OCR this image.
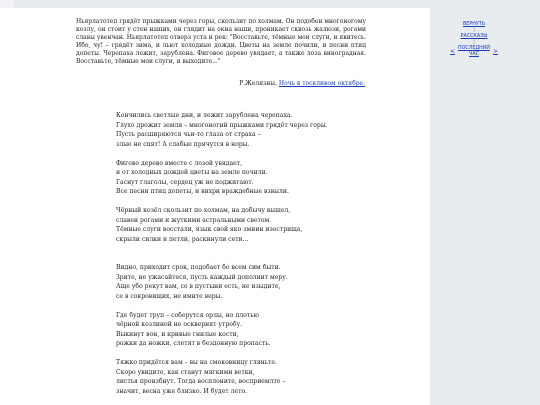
Ньярлатотеп грядёт прыжками через горы, скользит по холмам. Он подобен многоногому козлу, он стоит у стен наших, он глядит на окна наши, проникает сквозь жалюзи, рогами славы увенчан. Ньярлатотеп отверз уста и рек: "Восставьте, тёмные мои слуги, и явитесь. Ибо, чу! – грядёт зима, и льют холодные дожди. Цветы на земле почили, и песни птиц допеты. Черепаха лежит, зарублена. Фиговое дерево увядает, а также лоза виноградная. Восставьте, тёмные мои слуги, и выходите..."
Р.Желязны. Ночь в тоскливом октябре.
Кончились светлые дни, и лежит зарублена черепаха.
Глухо дрожит земля – многоногий прыжками грядёт через горы.
Пусть расширяются чьи-то глаза от страха –
злые не спят! А слабые прячутся в норы.
Фигово дерево вместе с лозой увядает,
и от холодных дождей цветы на земле почили.
Гаснут глаголы, сердец уж не поджигают.
Все песни птиц допеты, и вихри враждебные взвыли.
Чёрный козёл скользит по холмам, на добычу вышел,
славен рогами и жуткими астральными светом.
Тёмные слуги восстали, язык свой яко змиин изострища,
скрыли силки и петли, раскинули сети...
Видно, приходит срок, подобает бо всем сим быти.
Зрите, не ужасайтеся, пусть каждый дополнит меру.
Аще убо рекут вам, се в пустыни есть, не изыдите,
се в сокровищих, не имите веры.
Где будет труп – соберутся орлы, но плотью
чёрной козлиной не осквернят утробу.
Выкинут вон, и кривые гнилые кости,
рожки да ножки, слетят в бездонную пропасть.
Тяжко придётся вам – вы на смоковницу гляньте.
Скоро увидите, как станут мягкими ветки,
листья произбнут. Тогда восплоните, восприемлте –
значит, весна уже близко. И будет лето.
ВЕРНУТЬ
|
РАССКАЗЫ
|
< ПОСЛЕДНИЙ
ЧАС	>
